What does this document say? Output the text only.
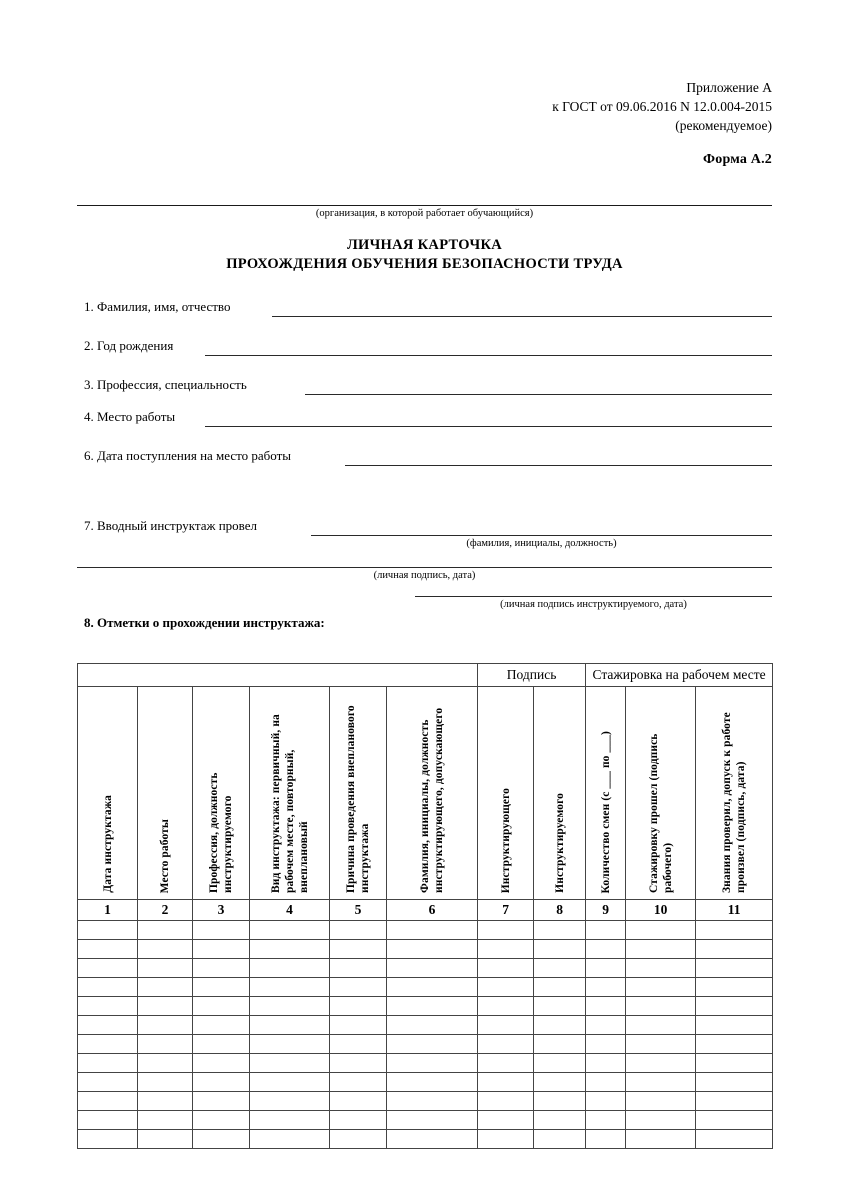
Приложение А
к ГОСТ от 09.06.2016 N 12.0.004-2015
(рекомендуемое)
Форма А.2
(организация, в которой работает обучающийся)
ЛИЧНАЯ КАРТОЧКА
ПРОХОЖДЕНИЯ ОБУЧЕНИЯ БЕЗОПАСНОСТИ ТРУДА
1. Фамилия, имя, отчество
2. Год рождения
3. Профессия, специальность
4. Место работы
6. Дата поступления на место работы
7. Вводный инструктаж провел
(фамилия, инициалы, должность)
(личная подпись, дата)
(личная подпись инструктируемого, дата)
8. Отметки о прохождении инструктажа:
						Подпись		Стажировка на рабочем месте		

Дата инструктажа	Место работы	Профессия, должность инструктируемого	Вид инструктажа: первичный, на рабочем месте, повторный, внеплановый	Причина проведения внепланового инструктажа	Фамилия, инициалы, должность инструктирующего, допускающего	Инструктирующего	Инструктируемого	Количество смен (с ___ по ___)	Стажировку прошел (подпись рабочего)	Знания проверил, допуск к работе произвел (подпись, дата)

1	2	3	4	5	6	7	8	9	10	11
